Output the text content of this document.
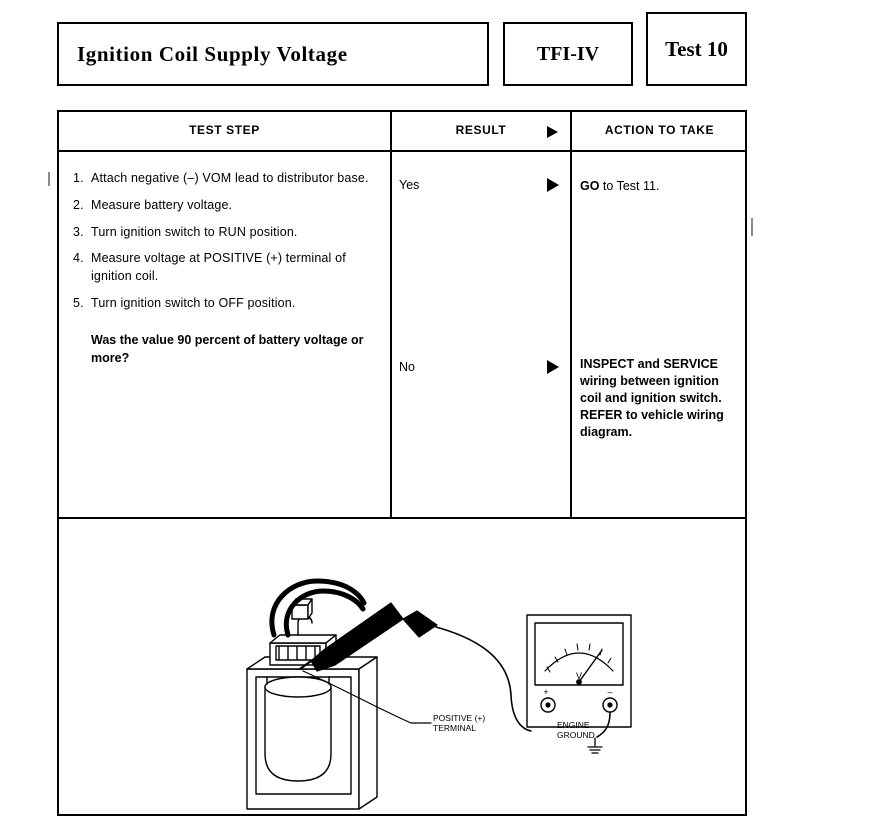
Ignition Coil Supply Voltage	TFI-IV	Test 10
TEST STEP	RESULT	ACTION TO TAKE
1. Attach negative (–) VOM lead to distributor base.
2. Measure battery voltage.
3. Turn ignition switch to RUN position.
4. Measure voltage at POSITIVE (+) terminal of ignition coil.
5. Turn ignition switch to OFF position.
Was the value 90 percent of battery voltage or more?
Yes	GO to Test 11.
No	INSPECT and SERVICE wiring between ignition coil and ignition switch. REFER to vehicle wiring diagram.
V
+	–
POSITIVE (+)
TERMINAL	ENGINE
GROUND
